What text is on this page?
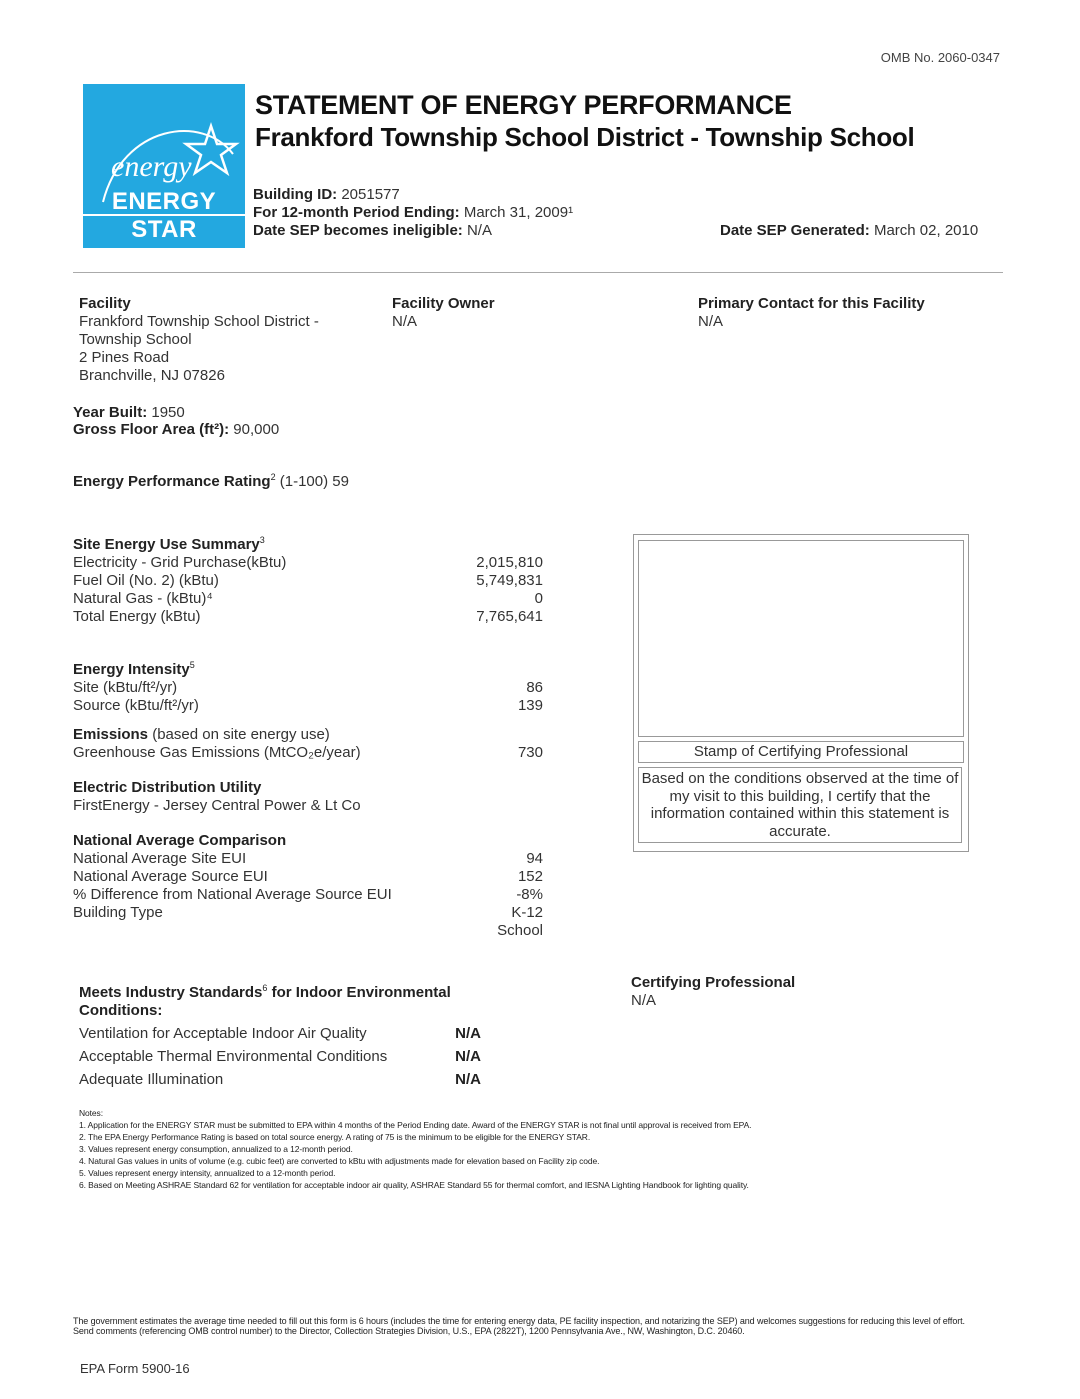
OMB No. 2060-0347
energy
ENERGY STAR
STATEMENT OF ENERGY PERFORMANCE
Frankford Township School District - Township School
Building ID: 2051577
For 12-month Period Ending: March 31, 2009¹
Date SEP becomes ineligible: N/A	Date SEP Generated: March 02, 2010
Facility
Frankford Township School District -
Township School
2 Pines Road
Branchville, NJ 07826
Facility Owner
N/A
Primary Contact for this Facility
N/A
Year Built: 1950
Gross Floor Area (ft²): 90,000
Energy Performance Rating$^2$ (1-100) 59
Site Energy Use Summary$^3$
Electricity - Grid Purchase(kBtu)	2,015,810
Fuel Oil (No. 2) (kBtu)	5,749,831
Natural Gas - (kBtu)⁴	0
Total Energy (kBtu)	7,765,641
Energy Intensity$^5$
Site (kBtu/ft²/yr)	86
Source (kBtu/ft²/yr)	139
Emissions (based on site energy use)
Greenhouse Gas Emissions (MtCO₂e/year)	730
Electric Distribution Utility
FirstEnergy - Jersey Central Power & Lt Co
National Average Comparison
National Average Site EUI	94
National Average Source EUI	152
% Difference from National Average Source EUI	-8%
Building Type	K-12
School
Stamp of Certifying Professional
Based on the conditions observed at the time of my visit to this building, I certify that the information contained within this statement is accurate.
Meets Industry Standards$^6$ for Indoor Environmental
Conditions:
Ventilation for Acceptable Indoor Air Quality	N/A
Acceptable Thermal Environmental Conditions	N/A
Adequate Illumination	N/A
Certifying Professional
N/A
Notes:
1. Application for the ENERGY STAR must be submitted to EPA within 4 months of the Period Ending date. Award of the ENERGY STAR is not final until approval is received from EPA.
2. The EPA Energy Performance Rating is based on total source energy. A rating of 75 is the minimum to be eligible for the ENERGY STAR.
3. Values represent energy consumption, annualized to a 12-month period.
4. Natural Gas values in units of volume (e.g. cubic feet) are converted to kBtu with adjustments made for elevation based on Facility zip code.
5. Values represent energy intensity, annualized to a 12-month period.
6. Based on Meeting ASHRAE Standard 62 for ventilation for acceptable indoor air quality, ASHRAE Standard 55 for thermal comfort, and IESNA Lighting Handbook for lighting quality.
The government estimates the average time needed to fill out this form is 6 hours (includes the time for entering energy data, PE facility inspection, and notarizing the SEP) and welcomes suggestions for reducing this level of effort. Send comments (referencing OMB control number) to the Director, Collection Strategies Division, U.S., EPA (2822T), 1200 Pennsylvania Ave., NW, Washington, D.C. 20460.
EPA Form 5900-16
